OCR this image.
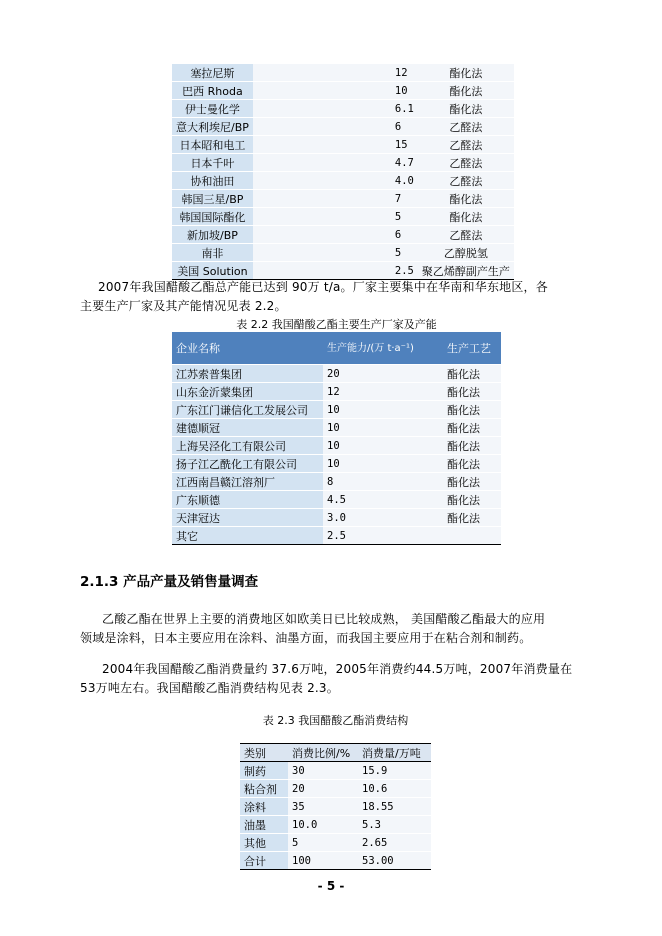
塞拉尼斯	12	酯化法
巴西 Rhoda	10	酯化法
伊士曼化学	6.1	酯化法
意大利埃尼/BP	6	乙醛法
日本昭和电工	15	乙醛法
日本千叶	4.7	乙醛法
协和油田	4.0	乙醛法
韩国三星/BP	7	酯化法
韩国国际酯化	5	酯化法
新加坡/BP	6	乙醛法
南非	5	乙醇脱氢
美国 Solution	2.5	聚乙烯醇副产生产
2007年我国醋酸乙酯总产能已达到 90万 t/a。厂家主要集中在华南和华东地区，各
主要生产厂家及其产能情况见表 2.2。
表 2.2 我国醋酸乙酯主要生产厂家及产能
企业名称	生产能力/(万 t·a⁻¹)	生产工艺
江苏索普集团	20	酯化法
山东金沂蒙集团	12	酯化法
广东江门谦信化工发展公司	10	酯化法
建德顺冠	10	酯化法
上海吴泾化工有限公司	10	酯化法
扬子江乙酰化工有限公司	10	酯化法
江西南昌赣江溶剂厂	8	酯化法
广东顺德	4.5	酯化法
天津冠达	3.0	酯化法
其它	2.5	
2.1.3 产品产量及销售量调查
乙酸乙酯在世界上主要的消费地区如欧美日已比较成熟， 美国醋酸乙酯最大的应用
领域是涂料，日本主要应用在涂料、油墨方面，而我国主要应用于在粘合剂和制药。
2004年我国醋酸乙酯消费量约 37.6万吨，2005年消费约44.5万吨，2007年消费量在
53万吨左右。我国醋酸乙酯消费结构见表 2.3。
表 2.3 我国醋酸乙酯消费结构
类别	消费比例/%	消费量/万吨
制药	30	15.9
粘合剂	20	10.6
涂料	35	18.55
油墨	10.0	5.3
其他	5	2.65
合计	100	53.00
- 5 -
